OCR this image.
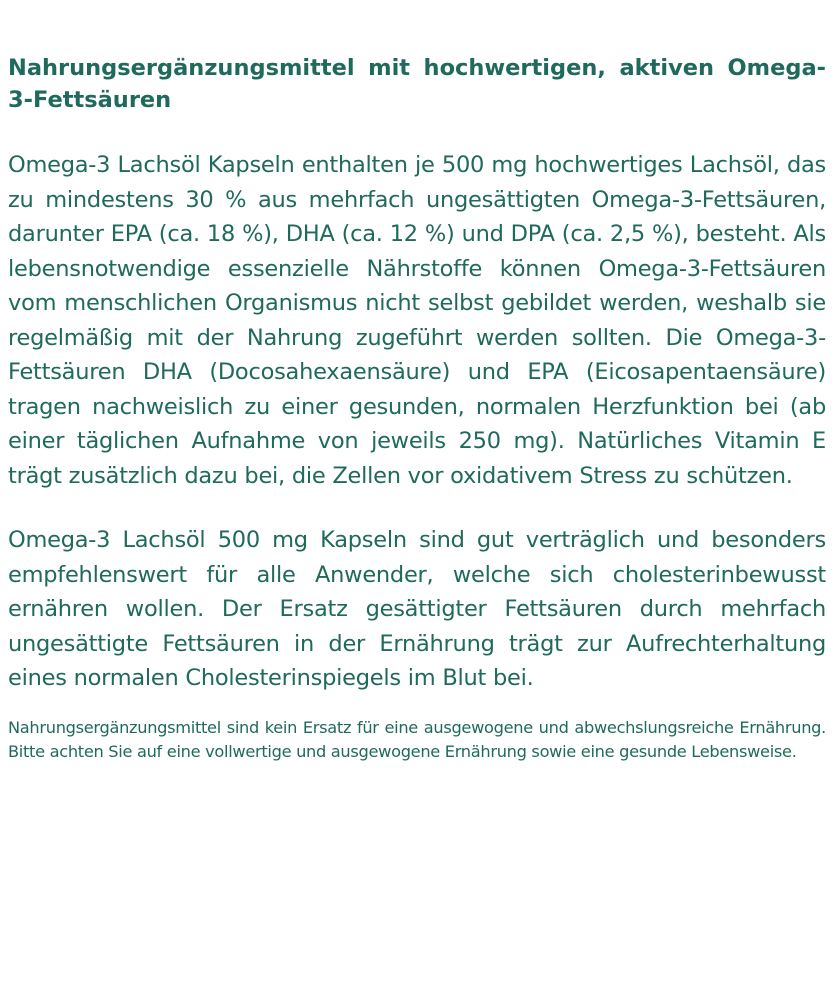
Nahrungsergänzungsmittel mit hochwertigen, aktiven Omega-3-Fettsäuren

Omega-3 Lachsöl Kapseln enthalten je 500 mg hochwertiges Lachsöl, das zu mindestens 30 % aus mehrfach ungesättigten Omega-3-Fettsäuren, darunter EPA (ca. 18 %), DHA (ca. 12 %) und DPA (ca. 2,5 %), besteht. Als lebensnotwendige essenzielle Nährstoffe können Omega-3-Fettsäuren vom menschlichen Organismus nicht selbst gebildet werden, weshalb sie regelmäßig mit der Nahrung zugeführt werden sollten. Die Omega-3-Fettsäuren DHA (Docosahexaensäure) und EPA (Eicosapentaensäure) tragen nachweislich zu einer gesunden, normalen Herzfunktion bei (ab einer täglichen Aufnahme von jeweils 250 mg). Natürliches Vitamin E trägt zusätzlich dazu bei, die Zellen vor oxidativem Stress zu schützen.

Omega-3 Lachsöl 500 mg Kapseln sind gut verträglich und besonders empfehlenswert für alle Anwender, welche sich cholesterinbewusst ernähren wollen. Der Ersatz gesättigter Fettsäuren durch mehrfach ungesättigte Fettsäuren in der Ernährung trägt zur Aufrechterhaltung eines normalen Cholesterinspiegels im Blut bei.

Nahrungsergänzungsmittel sind kein Ersatz für eine ausgewogene und abwechslungsreiche Ernährung. Bitte achten Sie auf eine vollwertige und ausgewogene Ernährung sowie eine gesunde Lebensweise.
